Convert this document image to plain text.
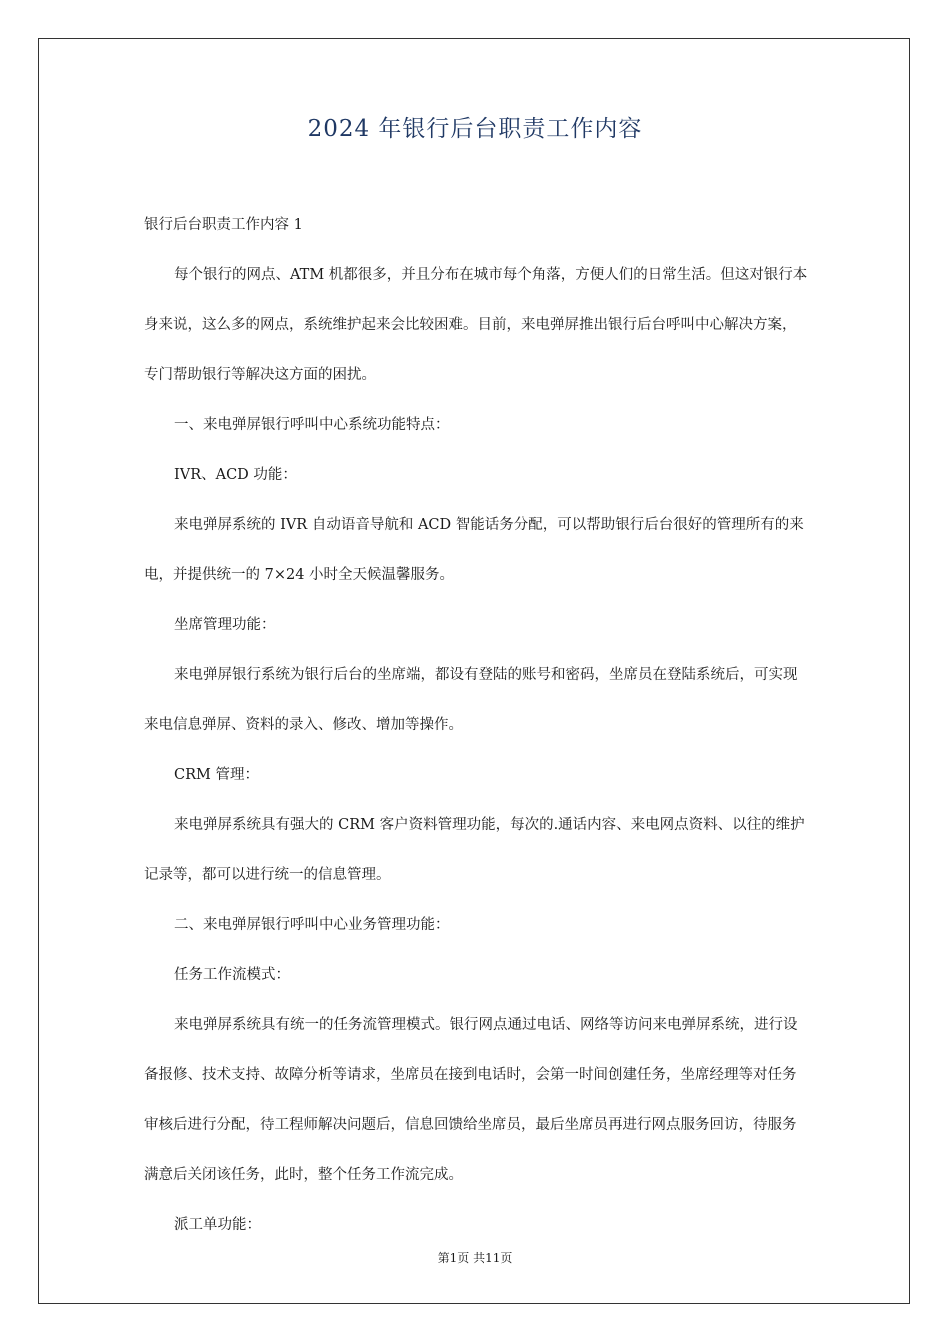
2024 年银行后台职责工作内容

银行后台职责工作内容 1

每个银行的网点、ATM 机都很多，并且分布在城市每个角落，方便人们的日常生活。但这对银行本身来说，这么多的网点，系统维护起来会比较困难。目前，来电弹屏推出银行后台呼叫中心解决方案，专门帮助银行等解决这方面的困扰。

一、来电弹屏银行呼叫中心系统功能特点：

IVR、ACD 功能：

来电弹屏系统的 IVR 自动语音导航和 ACD 智能话务分配，可以帮助银行后台很好的管理所有的来电，并提供统一的 7×24 小时全天候温馨服务。

坐席管理功能：

来电弹屏银行系统为银行后台的坐席端，都设有登陆的账号和密码，坐席员在登陆系统后，可实现来电信息弹屏、资料的录入、修改、增加等操作。

CRM 管理：

来电弹屏系统具有强大的 CRM 客户资料管理功能，每次的.通话内容、来电网点资料、以往的维护记录等，都可以进行统一的信息管理。

二、来电弹屏银行呼叫中心业务管理功能：

任务工作流模式：

来电弹屏系统具有统一的任务流管理模式。银行网点通过电话、网络等访问来电弹屏系统，进行设备报修、技术支持、故障分析等请求，坐席员在接到电话时，会第一时间创建任务，坐席经理等对任务审核后进行分配，待工程师解决问题后，信息回馈给坐席员，最后坐席员再进行网点服务回访，待服务满意后关闭该任务，此时，整个任务工作流完成。

派工单功能：

第1页 共11页
